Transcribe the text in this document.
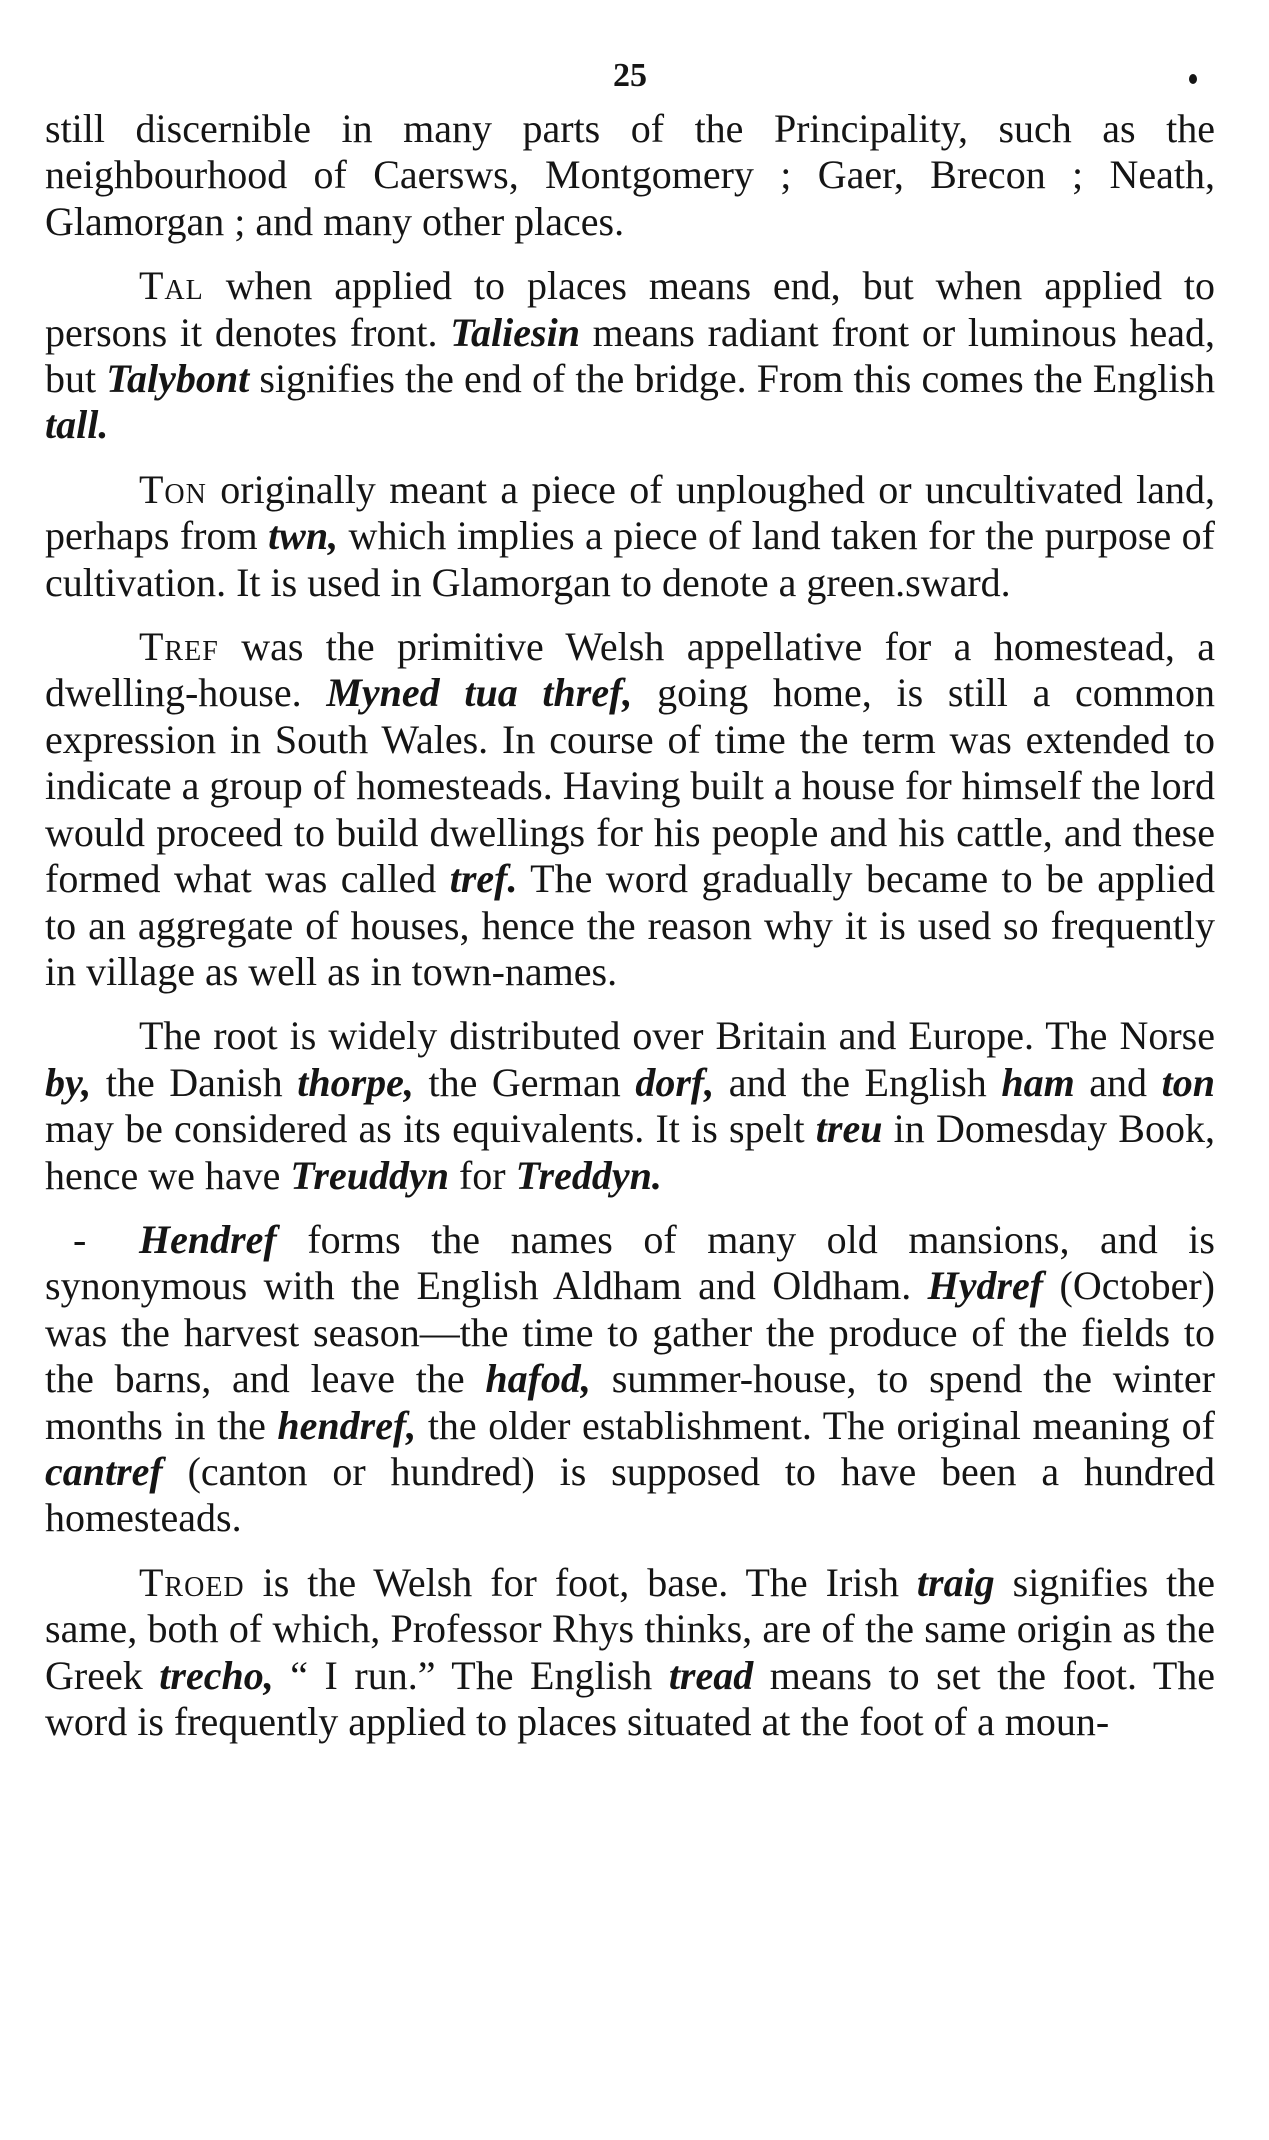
25

still discernible in many parts of the Principality, such as the neighbourhood of Caersws, Montgomery ; Gaer, Brecon ; Neath, Glamorgan ; and many other places.

Tal when applied to places means end, but when applied to persons it denotes front. Taliesin means radiant front or luminous head, but Talybont signifies the end of the bridge. From this comes the English tall.

Ton originally meant a piece of unploughed or uncultivated land, perhaps from twn, which implies a piece of land taken for the purpose of cultivation. It is used in Glamorgan to denote a green.sward.

Tref was the primitive Welsh appellative for a homestead, a dwelling-house. Myned tua thref, going home, is still a common expression in South Wales. In course of time the term was extended to indicate a group of homesteads. Having built a house for himself the lord would proceed to build dwellings for his people and his cattle, and these formed what was called tref. The word gradually became to be applied to an aggregate of houses, hence the reason why it is used so frequently in village as well as in town-names.

The root is widely distributed over Britain and Europe. The Norse by, the Danish thorpe, the German dorf, and the English ham and ton may be considered as its equivalents. It is spelt treu in Domesday Book, hence we have Treuddyn for Treddyn.

- Hendref forms the names of many old mansions, and is synonymous with the English Aldham and Oldham. Hydref (October) was the harvest season—the time to gather the produce of the fields to the barns, and leave the hafod, summer-house, to spend the winter months in the hendref, the older establishment. The original meaning of cantref (canton or hundred) is supposed to have been a hundred homesteads.

Troed is the Welsh for foot, base. The Irish traig signifies the same, both of which, Professor Rhys thinks, are of the same origin as the Greek trecho, “ I run.” The English tread means to set the foot. The word is frequently applied to places situated at the foot of a moun-
